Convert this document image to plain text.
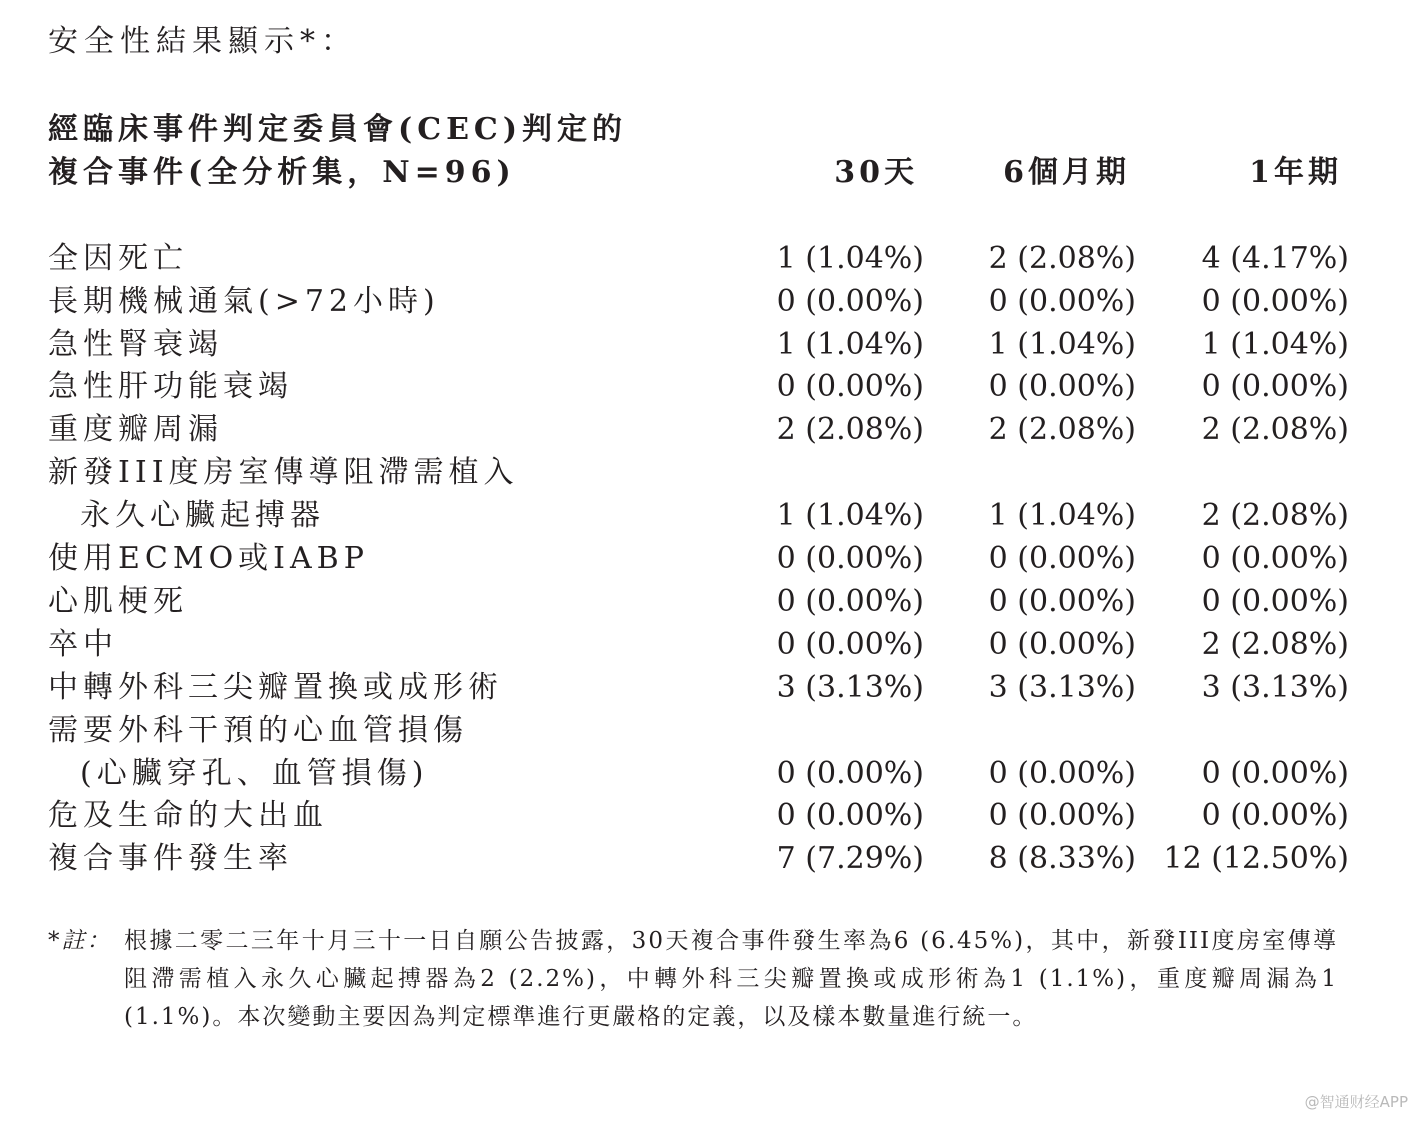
安全性結果顯示*：
經臨床事件判定委員會(CEC)判定的
複合事件(全分析集，N=96)	30天	6個月期	1年期
全因死亡	1 (1.04%) 2 (2.08%) 4 (4.17%)
長期機械通氣(>72小時)	0 (0.00%) 0 (0.00%) 0 (0.00%)
急性腎衰竭	1 (1.04%) 1 (1.04%) 1 (1.04%)
急性肝功能衰竭	0 (0.00%) 0 (0.00%) 0 (0.00%)
重度瓣周漏	2 (2.08%) 2 (2.08%) 2 (2.08%)
新發III度房室傳導阻滯需植入
永久心臟起搏器	1 (1.04%) 1 (1.04%) 2 (2.08%)
使用ECMO或IABP	0 (0.00%) 0 (0.00%) 0 (0.00%)
心肌梗死	0 (0.00%) 0 (0.00%) 0 (0.00%)
卒中	0 (0.00%) 0 (0.00%) 2 (2.08%)
中轉外科三尖瓣置換或成形術	3 (3.13%) 3 (3.13%) 3 (3.13%)
需要外科干預的心血管損傷
(心臟穿孔、血管損傷)	0 (0.00%) 0 (0.00%) 0 (0.00%)
危及生命的大出血	0 (0.00%) 0 (0.00%) 0 (0.00%)
複合事件發生率	7 (7.29%) 8 (8.33%) 12 (12.50%)
*註： 根據二零二三年十月三十一日自願公告披露，30天複合事件發生率為6 (6.45%)，其中，新發III度房室傳導阻滯需植入永久心臟起搏器為2 (2.2%)，中轉外科三尖瓣置換或成形術為1 (1.1%)，重度瓣周漏為1 (1.1%)。本次變動主要因為判定標準進行更嚴格的定義，以及樣本數量進行統一。
@智通财经APP
